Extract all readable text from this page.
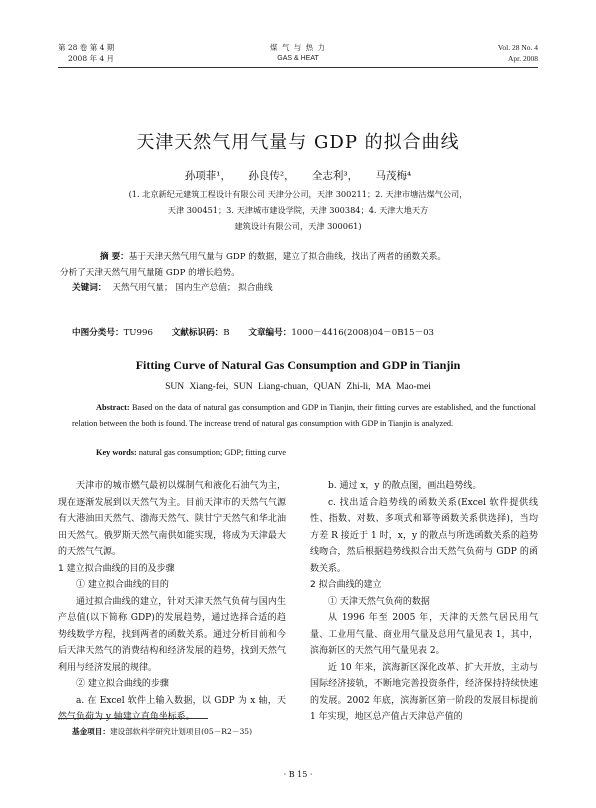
第 28 卷 第 4 期
2008 年 4 月
煤 气 与 热 力
GAS & HEAT
Vol. 28 No. 4
Apr. 2008
天津天然气用气量与 GDP 的拟合曲线
孙项菲¹， 孙良传²， 全志利³， 马茂梅⁴
(1. 北京新纪元建筑工程设计有限公司 天津分公司，天津 300211；2. 天津市塘沽煤气公司，
天津 300451；3. 天津城市建设学院，天津 300384；4. 天津大地天方
建筑设计有限公司，天津 300061)
摘 要：基于天津天然气用气量与 GDP 的数据，建立了拟合曲线，找出了两者的函数关系。
分析了天津天然气用气量随 GDP 的增长趋势。
关键词： 天然气用气量； 国内生产总值； 拟合曲线
中图分类号：TU996 文献标识码：B 文章编号：1000－4416(2008)04－0B15－03
Fitting Curve of Natural Gas Consumption and GDP in Tianjin
SUN Xiang-fei, SUN Liang-chuan, QUAN Zhi-li, MA Mao-mei
Abstract: Based on the data of natural gas consumption and GDP in Tianjin, their fitting curves are established, and the functional relation between the both is found. The increase trend of natural gas consumption with GDP in Tianjin is analyzed.
Key words: natural gas consumption; GDP; fitting curve

天津市的城市燃气最初以煤制气和液化石油气为主，现在逐渐发展到以天然气为主。目前天津市的天然气气源有大港油田天然气、渤海天然气、陕甘宁天然气和华北油田天然气。俄罗斯天然气南供如能实现，将成为天津最大的天然气气源。

1 建立拟合曲线的目的及步骤

① 建立拟合曲线的目的

通过拟合曲线的建立，针对天津天然气负荷与国内生产总值(以下简称 GDP)的发展趋势，通过选择合适的趋势线数学方程，找到两者的函数关系。通过分析目前和今后天津天然气的消费结构和经济发展的趋势，找到天然气利用与经济发展的规律。

② 建立拟合曲线的步骤

a. 在 Excel 软件上输入数据，以 GDP 为 x 轴，天然气负荷为 y 轴建立直角坐标系。

b. 通过 x，y 的散点图，画出趋势线。

c. 找出适合趋势线的函数关系(Excel 软件提供线性、指数、对数、多项式和幂等函数关系供选择)，当均方差 R 接近于 1 时，x，y 的散点与所选函数关系的趋势线吻合，然后根据趋势线拟合出天然气负荷与 GDP 的函数关系。

2 拟合曲线的建立

① 天津天然气负荷的数据

从 1996 年至 2005 年，天津的天然气居民用气量、工业用气量、商业用气量及总用气量见表 1，其中，滨海新区的天然气用气量见表 2。

近 10 年来，滨海新区深化改革、扩大开放，主动与国际经济接轨，不断地完善投资条件，经济保持持续快速的发展。2002 年底，滨海新区第一阶段的发展目标提前 1 年实现，地区总产值占天津总产值的

基金项目：建设部软科学研究计划项目(05－R2－35)
· B 15 ·
